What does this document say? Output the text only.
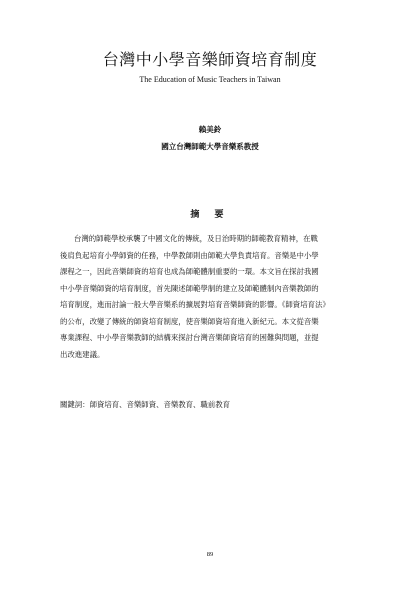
台灣中小學音樂師資培育制度
The Education of Music Teachers in Taiwan
賴美鈴
國立台灣師範大學音樂系教授
摘 要
台灣的師範學校承襲了中國文化的傳統，及日治時期的師範教育精神，在戰
後肩負起培育小學師資的任務，中學教師則由師範大學負責培育。音樂是中小學
課程之一，因此音樂師資的培育也成為師範體制重要的一環。本文旨在探討我國
中小學音樂師資的培育制度，首先陳述師範學制的建立及師範體制內音樂教師的
培育制度，進而討論一般大學音樂系的擴展對培育音樂師資的影響。《師資培育法》
的公布，改變了傳統的師資培育制度，使音樂師資培育進入新紀元。本文從音樂
專業課程、中小學音樂教師的結構來探討台灣音樂師資培育的困難與問題，並提
出改進建議。
關鍵詞：師資培育、音樂師資、音樂教育、職前教育
89
